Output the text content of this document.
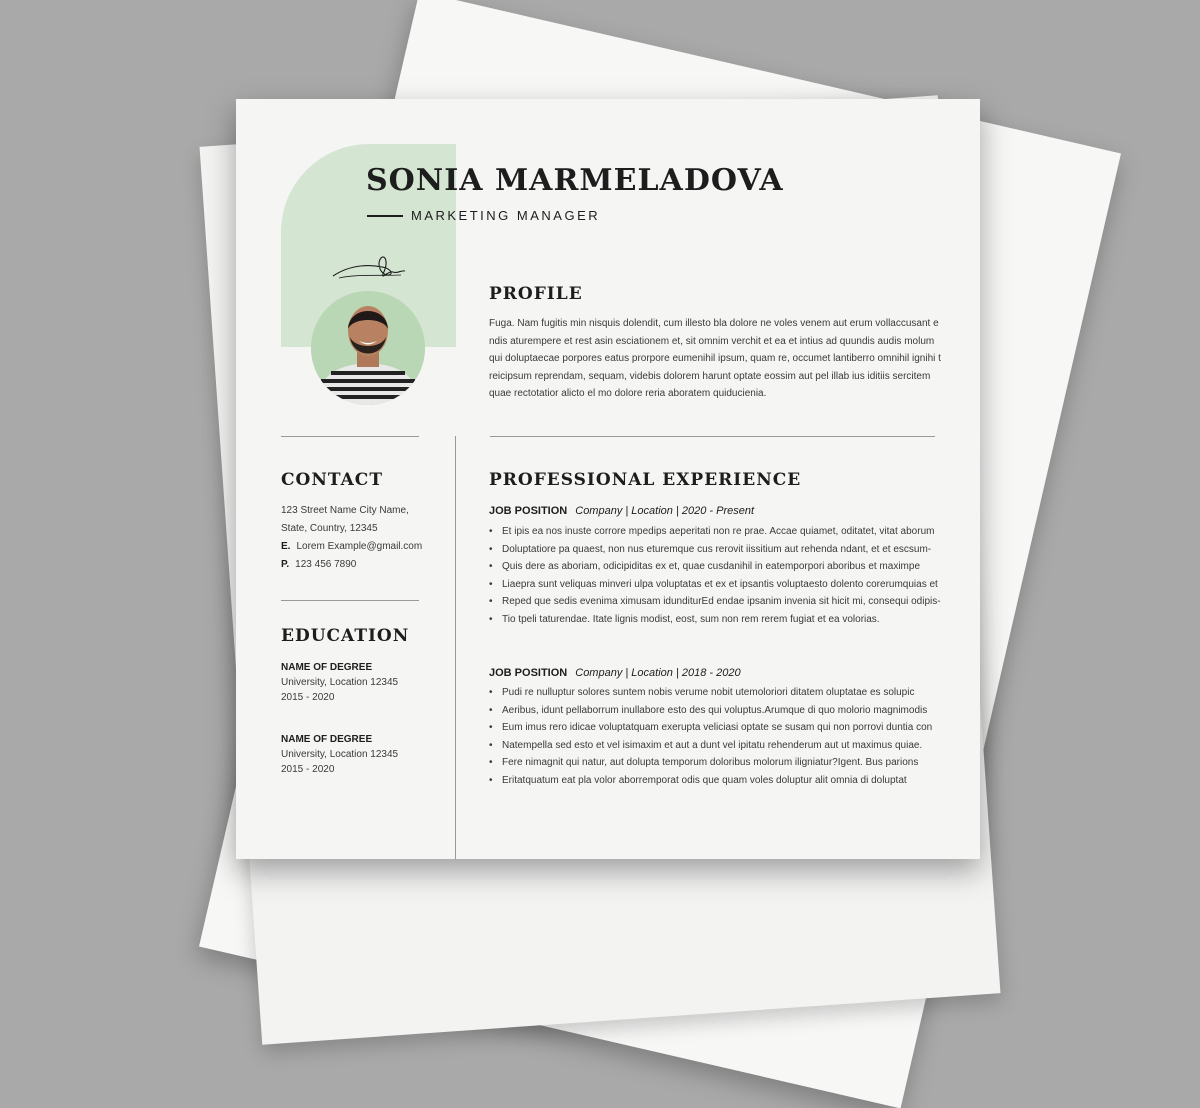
SONIA MARMELADOVA
MARKETING MANAGER
PROFILE

Fuga. Nam fugitis min nisquis dolendit, cum illesto bla dolore ne voles venem aut erum vollaccusant e ndis aturempere et rest asin esciationem et, sit omnim verchit et ea et intius ad quundis audis molum qui doluptaecae porpores eatus prorpore eumenihil ipsum, quam re, occumet lantiberro omnihil ignihi t reicipsum reprendam, sequam, videbis dolorem harunt optate eossim aut pel illab ius iditiis sercitem quae rectotatior alicto el mo dolore reria aboratem quiducienia.

CONTACT
123 Street Name City Name,
State, Country, 12345
E. Lorem Example@gmail.com
P. 123 456 7890
EDUCATION
NAME OF DEGREE
University, Location 12345
2015 - 2020
NAME OF DEGREE
University, Location 12345
2015 - 2020
PROFESSIONAL EXPERIENCE
JOB POSITION Company | Location | 2020 - Present
• Et ipis ea nos inuste corrore mpedips aeperitati non re prae. Accae quiamet, oditatet, vitat aborum
• Doluptatiore pa quaest, non nus eturemque cus rerovit iissitium aut rehenda ndant, et et escsum-
• Quis dere as aboriam, odicipiditas ex et, quae cusdanihil in eatemporpori aboribus et maximpe
• Liaepra sunt veliquas minveri ulpa voluptatas et ex et ipsantis voluptaesto dolento corerumquias et
• Reped que sedis evenima ximusam idunditurEd endae ipsanim invenia sit hicit mi, consequi odipis-
• Tio tpeli taturendae. Itate lignis modist, eost, sum non rem rerem fugiat et ea volorias.
JOB POSITION Company | Location | 2018 - 2020
• Pudi re nulluptur solores suntem nobis verume nobit utemoloriori ditatem oluptatae es solupic
• Aeribus, idunt pellaborrum inullabore esto des qui voluptus.Arumque di quo molorio magnimodis
• Eum imus rero idicae voluptatquam exerupta veliciasi optate se susam qui non porrovi duntia con
• Natempella sed esto et vel isimaxim et aut a dunt vel ipitatu rehenderum aut ut maximus quiae.
• Fere nimagnit qui natur, aut dolupta temporum doloribus molorum iligniatur?Igent. Bus parions
• Eritatquatum eat pla volor aborremporat odis que quam voles doluptur alit omnia di doluptat
